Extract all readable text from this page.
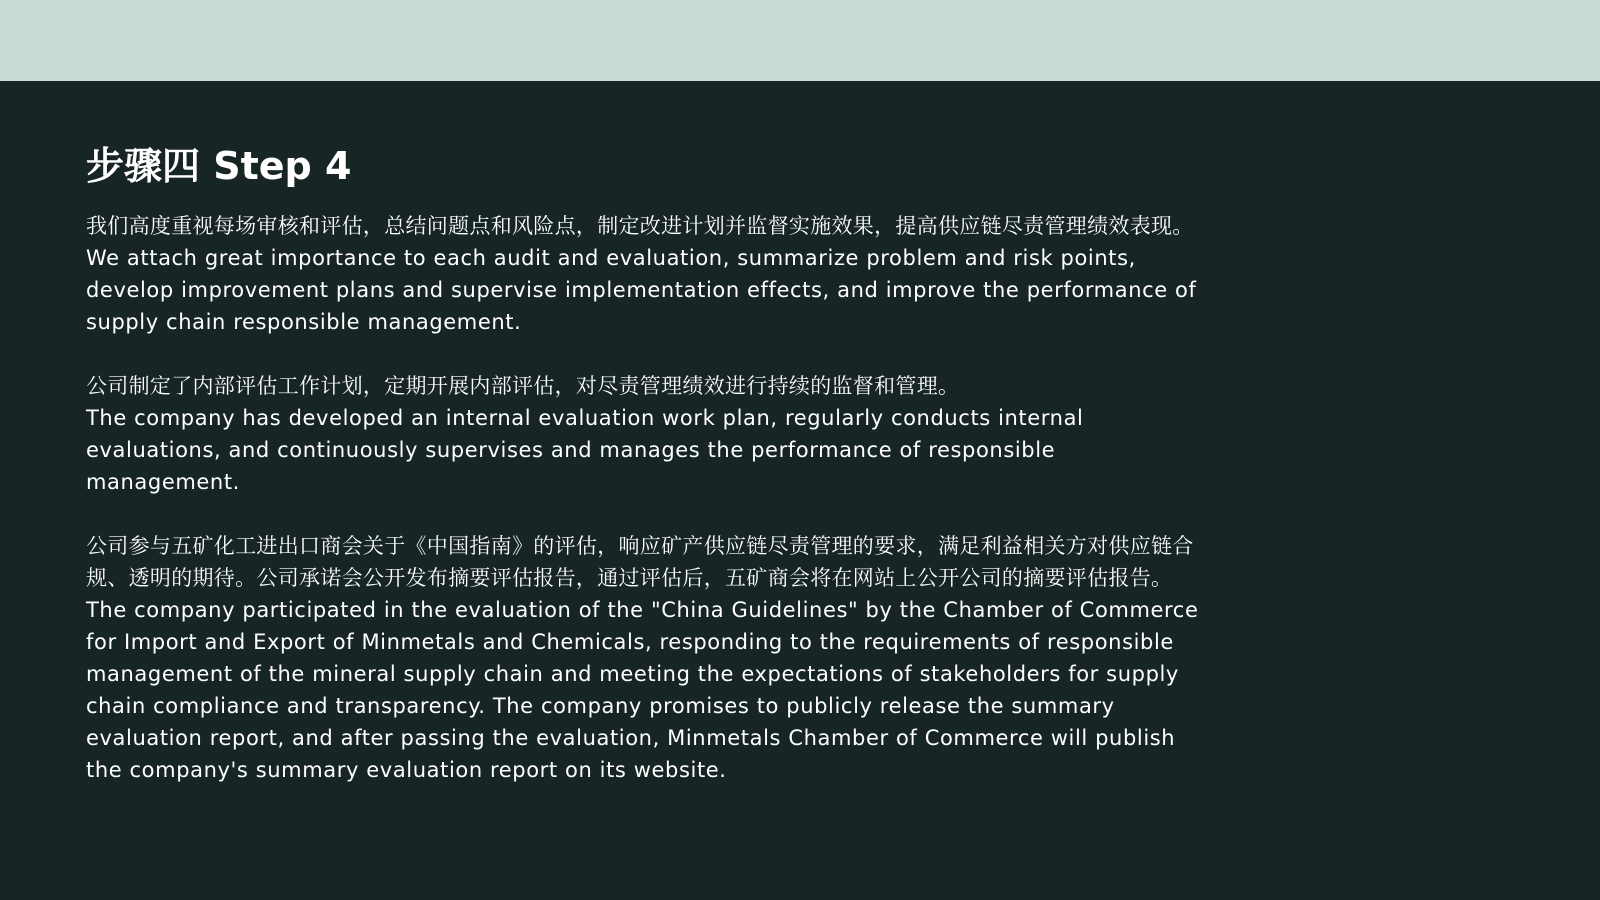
步骤四 Step 4

我们高度重视每场审核和评估，总结问题点和风险点，制定改进计划并监督实施效果，提高供应链尽责管理绩效表现。
We attach great importance to each audit and evaluation, summarize problem and risk points, develop improvement plans and supervise implementation effects, and improve the performance of supply chain responsible management.

公司制定了内部评估工作计划，定期开展内部评估，对尽责管理绩效进行持续的监督和管理。
The company has developed an internal evaluation work plan, regularly conducts internal evaluations, and continuously supervises and manages the performance of responsible management.

公司参与五矿化工进出口商会关于《中国指南》的评估，响应矿产供应链尽责管理的要求，满足利益相关方对供应链合规、透明的期待。公司承诺会公开发布摘要评估报告，通过评估后，五矿商会将在网站上公开公司的摘要评估报告。
The company participated in the evaluation of the "China Guidelines" by the Chamber of Commerce for Import and Export of Minmetals and Chemicals, responding to the requirements of responsible management of the mineral supply chain and meeting the expectations of stakeholders for supply chain compliance and transparency. The company promises to publicly release the summary evaluation report, and after passing the evaluation, Minmetals Chamber of Commerce will publish the company's summary evaluation report on its website.
